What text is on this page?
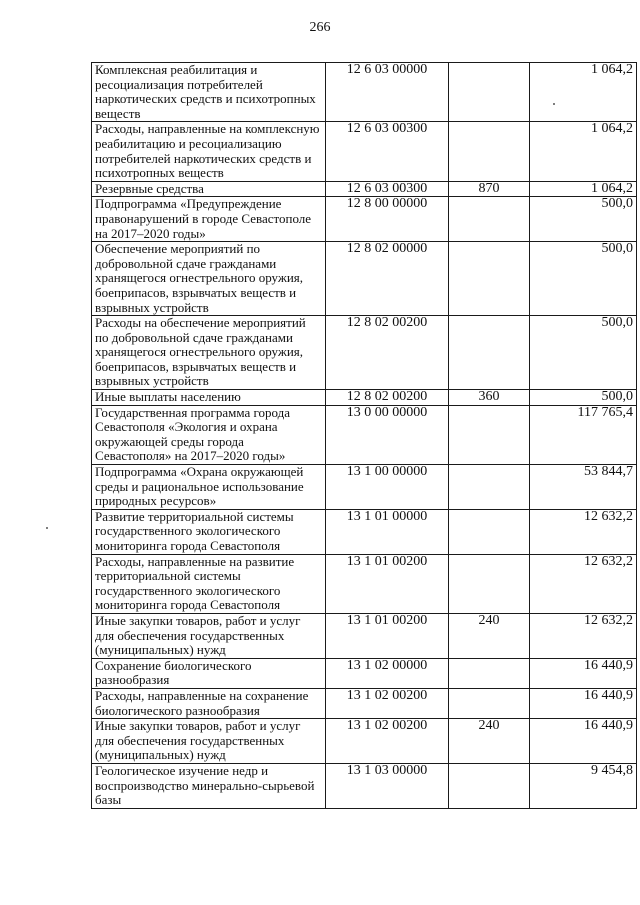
266
Комплексная реабилитация и ресоциализация потребителей наркотических средств и психотропных веществ	12 6 03 00000		1 064,2
Расходы, направленные на комплексную реабилитацию и ресоциализацию потребителей наркотических средств и психотропных веществ	12 6 03 00300		1 064,2
Резервные средства	12 6 03 00300	870	1 064,2
Подпрограмма «Предупреждение правонарушений в городе Севастополе на 2017–2020 годы»	12 8 00 00000		500,0
Обеспечение мероприятий по добровольной сдаче гражданами хранящегося огнестрельного оружия, боеприпасов, взрывчатых веществ и взрывных устройств	12 8 02 00000		500,0
Расходы на обеспечение мероприятий по добровольной сдаче гражданами хранящегося огнестрельного оружия, боеприпасов, взрывчатых веществ и взрывных устройств	12 8 02 00200		500,0
Иные выплаты населению	12 8 02 00200	360	500,0
Государственная программа города Севастополя «Экология и охрана окружающей среды города Севастополя» на 2017–2020 годы»	13 0 00 00000		117 765,4
Подпрограмма «Охрана окружающей среды и рациональное использование природных ресурсов»	13 1 00 00000		53 844,7
Развитие территориальной системы государственного экологического мониторинга города Севастополя	13 1 01 00000		12 632,2
Расходы, направленные на развитие территориальной системы государственного экологического мониторинга города Севастополя	13 1 01 00200		12 632,2
Иные закупки товаров, работ и услуг для обеспечения государственных (муниципальных) нужд	13 1 01 00200	240	12 632,2
Сохранение биологического разнообразия	13 1 02 00000		16 440,9
Расходы, направленные на сохранение биологического разнообразия	13 1 02 00200		16 440,9
Иные закупки товаров, работ и услуг для обеспечения государственных (муниципальных) нужд	13 1 02 00200	240	16 440,9
Геологическое изучение недр и воспроизводство минерально-сырьевой базы	13 1 03 00000		9 454,8
